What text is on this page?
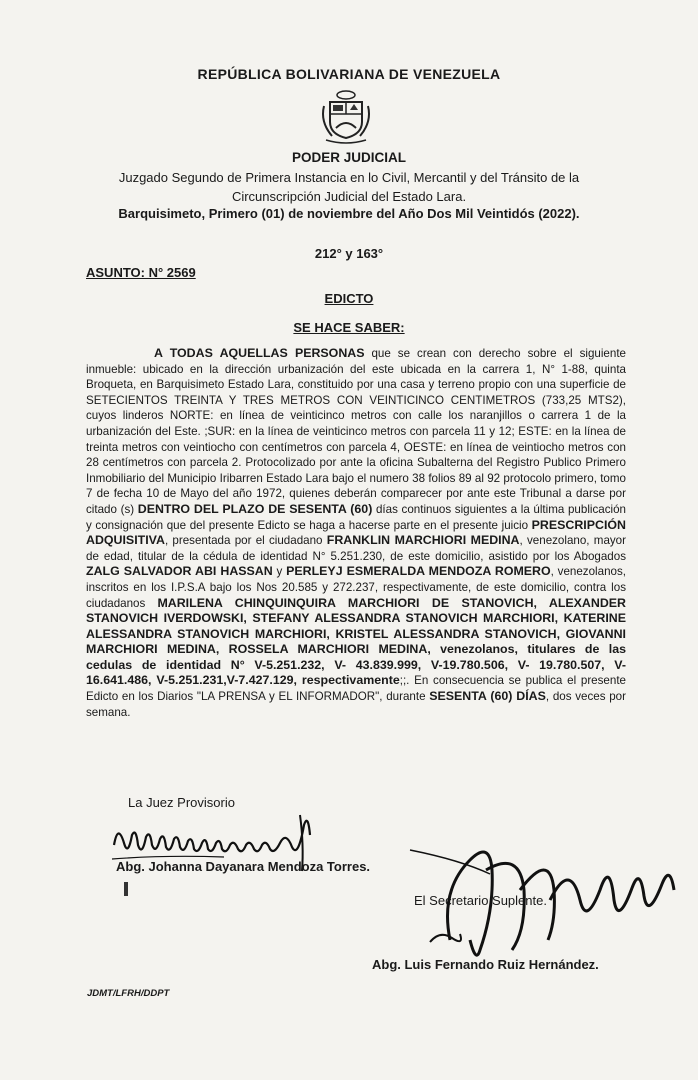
REPÚBLICA BOLIVARIANA DE VENEZUELA
PODER JUDICIAL
Juzgado Segundo de Primera Instancia en lo Civil, Mercantil y del Tránsito de la
Circunscripción Judicial del Estado Lara.
Barquisimeto, Primero (01) de noviembre del Año Dos Mil Veintidós (2022).
212° y 163°
ASUNTO: N° 2569
EDICTO
SE HACE SABER:

A TODAS AQUELLAS PERSONAS que se crean con derecho sobre el siguiente inmueble: ubicado en la dirección urbanización del este ubicada en la carrera 1, N° 1-88, quinta Broqueta, en Barquisimeto Estado Lara, constituido por una casa y terreno propio con una superficie de SETECIENTOS TREINTA Y TRES METROS CON VEINTICINCO CENTIMETROS (733,25 MTS2), cuyos linderos NORTE: en línea de veinticinco metros con calle los naranjillos o carrera 1 de la urbanización del Este. ;SUR: en la línea de veinticinco metros con parcela 11 y 12; ESTE: en la línea de treinta metros con veintiocho con centímetros con parcela 4, OESTE: en línea de veintiocho metros con 28 centímetros con parcela 2. Protocolizado por ante la oficina Subalterna del Registro Publico Primero Inmobiliario del Municipio Iribarren Estado Lara bajo el numero 38 folios 89 al 92 protocolo primero, tomo 7 de fecha 10 de Mayo del año 1972, quienes deberán comparecer por ante este Tribunal a darse por citado (s) DENTRO DEL PLAZO DE SESENTA (60) días continuos siguientes a la última publicación y consignación que del presente Edicto se haga a hacerse parte en el presente juicio PRESCRIPCIÓN ADQUISITIVA, presentada por el ciudadano FRANKLIN MARCHIORI MEDINA, venezolano, mayor de edad, titular de la cédula de identidad N° 5.251.230, de este domicilio, asistido por los Abogados ZALG SALVADOR ABI HASSAN y PERLEYJ ESMERALDA MENDOZA ROMERO, venezolanos, inscritos en los I.P.S.A bajo los Nos 20.585 y 272.237, respectivamente, de este domicilio, contra los ciudadanos MARILENA CHINQUINQUIRA MARCHIORI DE STANOVICH, ALEXANDER STANOVICH IVERDOWSKI, STEFANY ALESSANDRA STANOVICH MARCHIORI, KATERINE ALESSANDRA STANOVICH MARCHIORI, KRISTEL ALESSANDRA STANOVICH, GIOVANNI MARCHIORI MEDINA, ROSSELA MARCHIORI MEDINA, venezolanos, titulares de las cedulas de identidad N° V-5.251.232, V- 43.839.999, V-19.780.506, V- 19.780.507, V-16.641.486, V-5.251.231,V-7.427.129, respectivamente;;. En consecuencia se publica el presente Edicto en los Diarios "LA PRENSA y EL INFORMADOR", durante SESENTA (60) DÍAS, dos veces por semana.

La Juez Provisorio
Abg. Johanna Dayanara Mendoza Torres.
El Secretario Suplente.
Abg. Luis Fernando Ruiz Hernández.
JDMT/LFRH/DDPT
